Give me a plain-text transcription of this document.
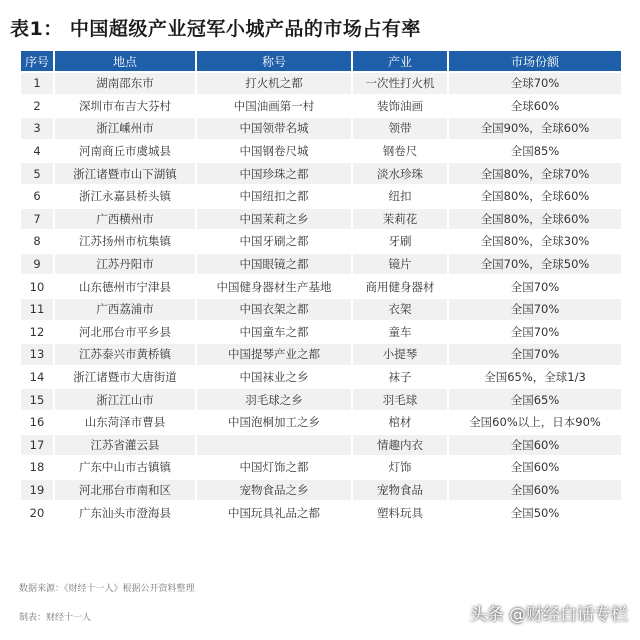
表1： 中国超级产业冠军小城产品的市场占有率
序号	地点	称号	产业	市场份额
1	湖南邵东市	打火机之都	一次性打火机	全球70%
2	深圳市布吉大芬村	中国油画第一村	装饰油画	全球60%
3	浙江嵊州市	中国领带名城	领带	全国90%，全球60%
4	河南商丘市虞城县	中国钢卷尺城	钢卷尺	全国85%
5	浙江诸暨市山下湖镇	中国珍珠之都	淡水珍珠	全国80%，全球70%
6	浙江永嘉县桥头镇	中国纽扣之都	纽扣	全国80%，全球60%
7	广西横州市	中国茉莉之乡	茉莉花	全国80%，全球60%
8	江苏扬州市杭集镇	中国牙刷之都	牙刷	全国80%，全球30%
9	江苏丹阳市	中国眼镜之都	镜片	全国70%，全球50%
10	山东德州市宁津县	中国健身器材生产基地	商用健身器材	全国70%
11	广西荔浦市	中国衣架之都	衣架	全国70%
12	河北邢台市平乡县	中国童车之都	童车	全国70%
13	江苏泰兴市黄桥镇	中国提琴产业之都	小提琴	全国70%
14	浙江诸暨市大唐街道	中国袜业之乡	袜子	全国65%，全球1/3
15	浙江江山市	羽毛球之乡	羽毛球	全国65%
16	山东菏泽市曹县	中国泡桐加工之乡	棺材	全国60%以上，日本90%
17	江苏省灌云县		情趣内衣	全国60%
18	广东中山市古镇镇	中国灯饰之都	灯饰	全国60%
19	河北邢台市南和区	宠物食品之乡	宠物食品	全国60%
20	广东汕头市澄海县	中国玩具礼品之都	塑料玩具	全国50%
数据来源：《财经十一人》根据公开资料整理
制表：财经十一人	头条 @财经白话专栏
